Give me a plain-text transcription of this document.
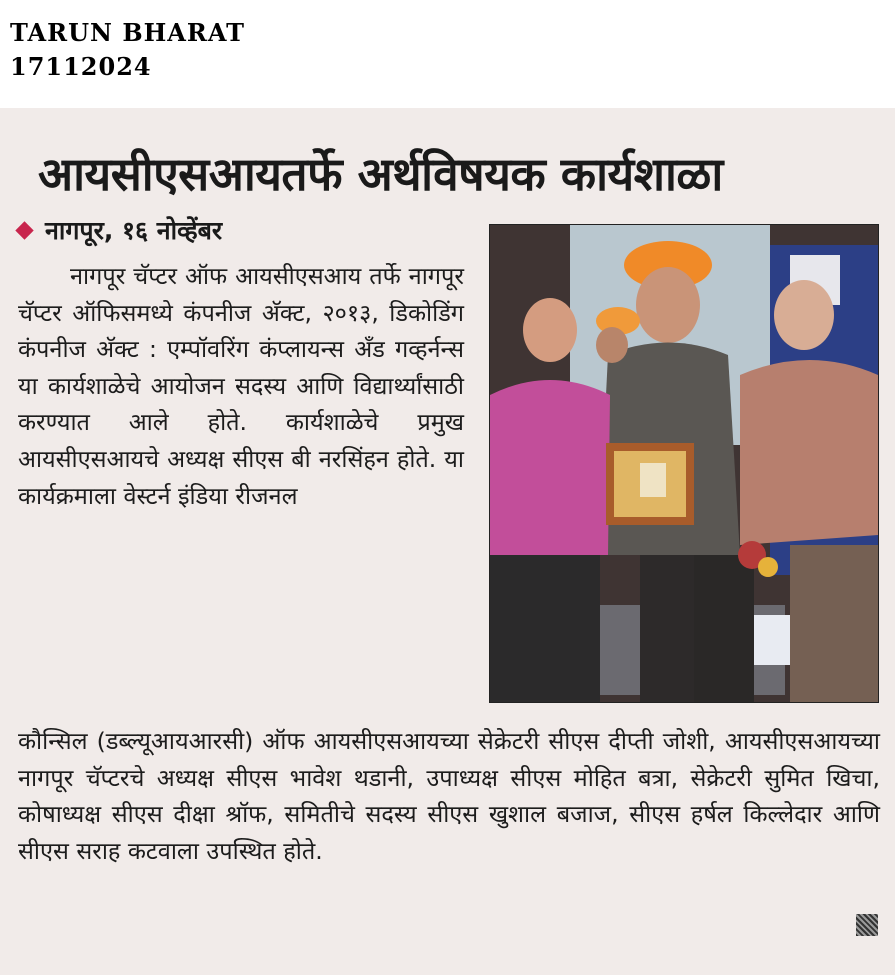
TARUN BHARAT
17112024
आयसीएसआयतर्फे अर्थविषयक कार्यशाळा
नागपूर, १६ नोव्हेंबर

नागपूर चॅप्टर ऑफ आयसीएसआय तर्फे नागपूर चॅप्टर ऑफिसमध्ये कंपनीज अ‍ॅक्ट, २०१३, डिकोडिंग कंपनीज अ‍ॅक्ट : एम्पॉवरिंग कंप्लायन्स अँड गव्हर्नन्स या कार्यशाळेचे आयोजन सदस्य आणि विद्यार्थ्यांसाठी करण्यात आले होते. कार्यशाळेचे प्रमुख आयसीएसआयचे अध्यक्ष सीएस बी नरसिंहन होते. या कार्यक्रमाला वेस्टर्न इंडिया रीजनल

कौन्सिल (डब्ल्यूआयआरसी) ऑफ आयसीएसआयच्या सेक्रेटरी सीएस दीप्ती जोशी, आयसीएसआयच्या नागपूर चॅप्टरचे अध्यक्ष सीएस भावेश थडानी, उपाध्यक्ष सीएस मोहित बत्रा, सेक्रेटरी सुमित खिचा, कोषाध्यक्ष सीएस दीक्षा श्रॉफ, समितीचे सदस्य सीएस खुशाल बजाज, सीएस हर्षल किल्लेदार आणि सीएस सराह कटवाला उपस्थित होते.
